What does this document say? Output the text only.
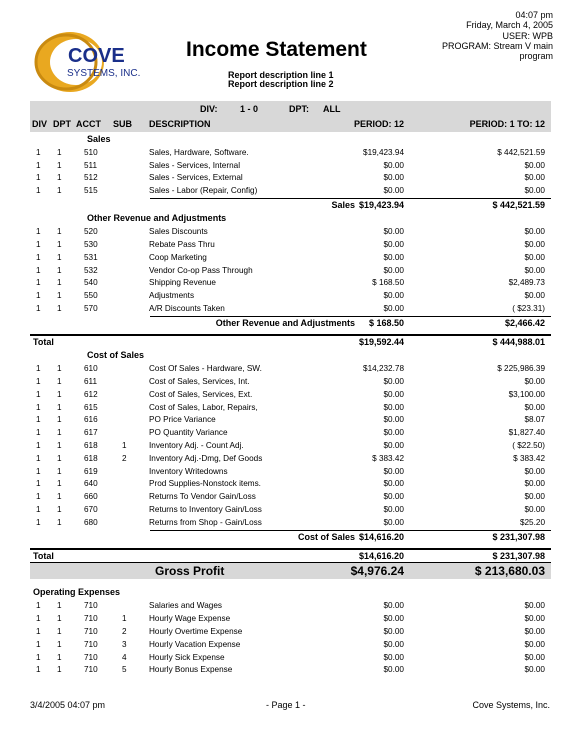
COVE
SYSTEMS, INC.
Income Statement
Report description line 1
Report description line 2
04:07 pm
Friday, March 4, 2005
USER: WPB
PROGRAM: Stream V main
program
DIV: 1 - 0	DPT: ALL
DIV DPT ACCT SUB DESCRIPTION	PERIOD: 12	PERIOD: 1 TO: 12
Sales
1 1	510	Sales, Hardware, Software.	$19,423.94	$ 442,521.59
1 1	511	Sales - Services, Internal	$0.00	$0.00
1 1	512	Sales - Services, External	$0.00	$0.00
1 1	515	Sales - Labor (Repair, Config)	$0.00	$0.00
Sales $19,423.94	$ 442,521.59
Other Revenue and Adjustments
1 1	520	Sales Discounts	$0.00	$0.00
1 1	530	Rebate Pass Thru	$0.00	$0.00
1 1	531	Coop Marketing	$0.00	$0.00
1 1	532	Vendor Co-op Pass Through	$0.00	$0.00
1 1	540	Shipping Revenue	$ 168.50	$2,489.73
1 1	550	Adjustments	$0.00	$0.00
1 1	570	A/R Discounts Taken	$0.00	( $23.31)
Other Revenue and Adjustments $ 168.50	$2,466.42
Total	$19,592.44	$ 444,988.01
Cost of Sales
1 1	610	Cost Of Sales - Hardware, SW.	$14,232.78	$ 225,986.39
1 1	611	Cost of Sales, Services, Int.	$0.00	$0.00
1 1	612	Cost of Sales, Services, Ext.	$0.00	$3,100.00
1 1	615	Cost of Sales, Labor, Repairs,	$0.00	$0.00
1 1	616	PO Price Variance	$0.00	$8.07
1 1	617	PO Quantity Variance	$0.00	$1,827.40
1 1	618	1	Inventory Adj. - Count Adj.	$0.00	( $22.50)
1 1	618	2	Inventory Adj.-Dmg, Def Goods	$ 383.42	$ 383.42
1 1	619	Inventory Writedowns	$0.00	$0.00
1 1	640	Prod Supplies-Nonstock items.	$0.00	$0.00
1 1	660	Returns To Vendor Gain/Loss	$0.00	$0.00
1 1	670	Returns to Inventory Gain/Loss	$0.00	$0.00
1 1	680	Returns from Shop - Gain/Loss	$0.00	$25.20
Cost of Sales $14,616.20	$ 231,307.98
Total	$14,616.20	$ 231,307.98
Gross Profit	$4,976.24	$ 213,680.03
Operating Expenses
1 1	710	Salaries and Wages	$0.00	$0.00
1 1	710	1	Hourly Wage Expense	$0.00	$0.00
1 1	710	2	Hourly Overtime Expense	$0.00	$0.00
1 1	710	3	Hourly Vacation Expense	$0.00	$0.00
1 1	710	4	Hourly Sick Expense	$0.00	$0.00
1 1	710	5	Hourly Bonus Expense	$0.00	$0.00
3/4/2005 04:07 pm	- Page 1 -	Cove Systems, Inc.
